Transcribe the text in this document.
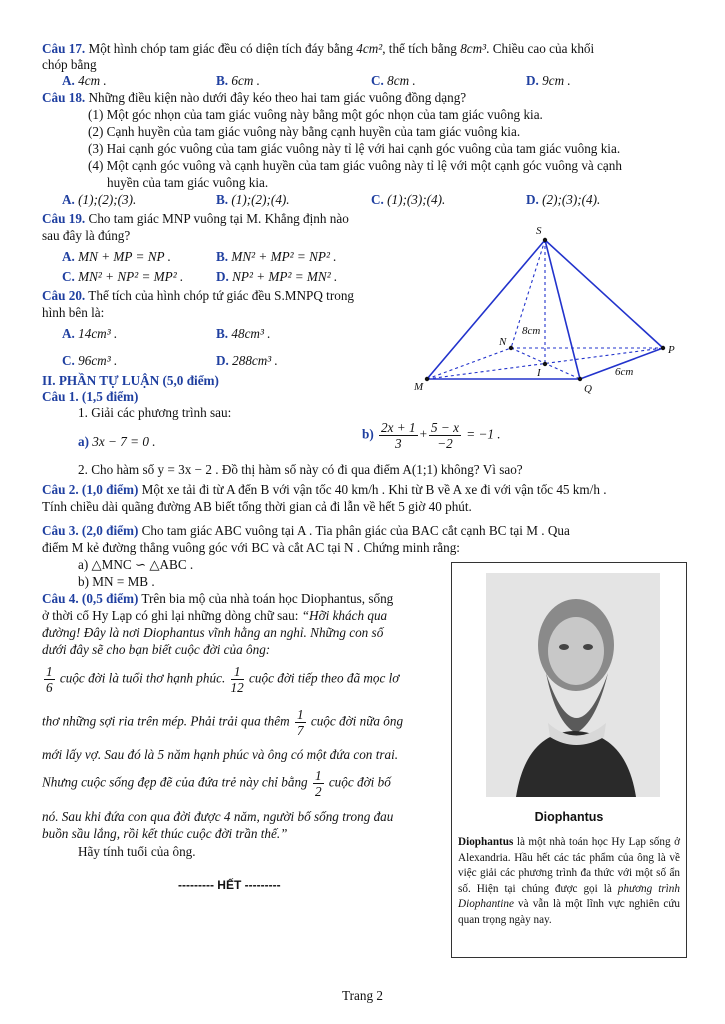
Câu 17. Một hình chóp tam giác đều có diện tích đáy bằng 4cm², thể tích bằng 8cm³. Chiều cao của khối
chóp bằng
A. 4cm .	B. 6cm .	C. 8cm .	D. 9cm .
Câu 18. Những điều kiện nào dưới đây kéo theo hai tam giác vuông đồng dạng?
(1) Một góc nhọn của tam giác vuông này bằng một góc nhọn của tam giác vuông kia.
(2) Cạnh huyền của tam giác vuông này bằng cạnh huyền của tam giác vuông kia.
(3) Hai cạnh góc vuông của tam giác vuông này tỉ lệ với hai cạnh góc vuông của tam giác vuông kia.
(4) Một cạnh góc vuông và cạnh huyền của tam giác vuông này tỉ lệ với một cạnh góc vuông và cạnh
huyền của tam giác vuông kia.
A. (1);(2);(3).	B. (1);(2);(4).	C. (1);(3);(4).	D. (2);(3);(4).
Câu 19. Cho tam giác MNP vuông tại M. Khẳng định nào
sau đây là đúng?
A. MN + MP = NP .	B. MN² + MP² = NP² .
C. MN² + NP² = MP² . D. NP² + MP² = MN² .
Câu 20. Thể tích của hình chóp tứ giác đều S.MNPQ trong
hình bên là:
A. 14cm³ .	B. 48cm³ .
C. 96cm³ .	D. 288cm³ .
S
M	Q
P
N
I
8cm
6cm
II. PHẦN TỰ LUẬN (5,0 điểm)
Câu 1. (1,5 điểm)
1. Giải các phương trình sau:
a) 3x − 7 = 0 .	$b) \frac{2x + 1}{3} + \frac{5 - x}{-2} = -1$ .
2. Cho hàm số y = 3x − 2 . Đồ thị hàm số này có đi qua điểm A(1;1) không? Vì sao?
Câu 2. (1,0 điểm) Một xe tải đi từ A đến B với vận tốc 40 km/h . Khi từ B về A xe đi với vận tốc 45 km/h .
Tính chiều dài quãng đường AB biết tổng thời gian cả đi lẫn về hết 5 giờ 40 phút.
Câu 3. (2,0 điểm) Cho tam giác ABC vuông tại A . Tia phân giác của BAC cắt cạnh BC tại M . Qua
điểm M kẻ đường thẳng vuông góc với BC và cắt AC tại N . Chứng minh rằng:
a) △MNC ∽ △ABC .
b) MN = MB .
Câu 4. (0,5 điểm) Trên bia mộ của nhà toán học Diophantus, sống
ở thời cổ Hy Lạp có ghi lại những dòng chữ sau: “Hỡi khách qua
đường! Đây là nơi Diophantus vĩnh hằng an nghỉ. Những con số
dưới đây sẽ cho bạn biết cuộc đời của ông:
$\frac{1}{6}$ cuộc đời là tuổi thơ hạnh phúc. $\frac{1}{12}$ cuộc đời tiếp theo đã mọc lơ
thơ những sợi ria trên mép. Phải trải qua thêm $\frac{1}{7}$ cuộc đời nữa ông
mới lấy vợ. Sau đó là 5 năm hạnh phúc và ông có một đứa con trai.
Nhưng cuộc sống đẹp đẽ của đứa trẻ này chỉ bằng $\frac{1}{2}$ cuộc đời bố
nó. Sau khi đứa con qua đời được 4 năm, người bố sống trong đau
buồn sầu lắng, rồi kết thúc cuộc đời trần thế.”
Hãy tính tuổi của ông.
--------- HẾT ---------
Diophantus
Diophantus là một nhà toán học Hy Lạp sống ở Alexandria. Hầu hết các tác phẩm của ông là về việc giải các phương trình đa thức với một số ẩn số. Hiện tại chúng được gọi là phương trình Diophantine và vẫn là một lĩnh vực nghiên cứu quan trọng ngày nay.
Trang 2
